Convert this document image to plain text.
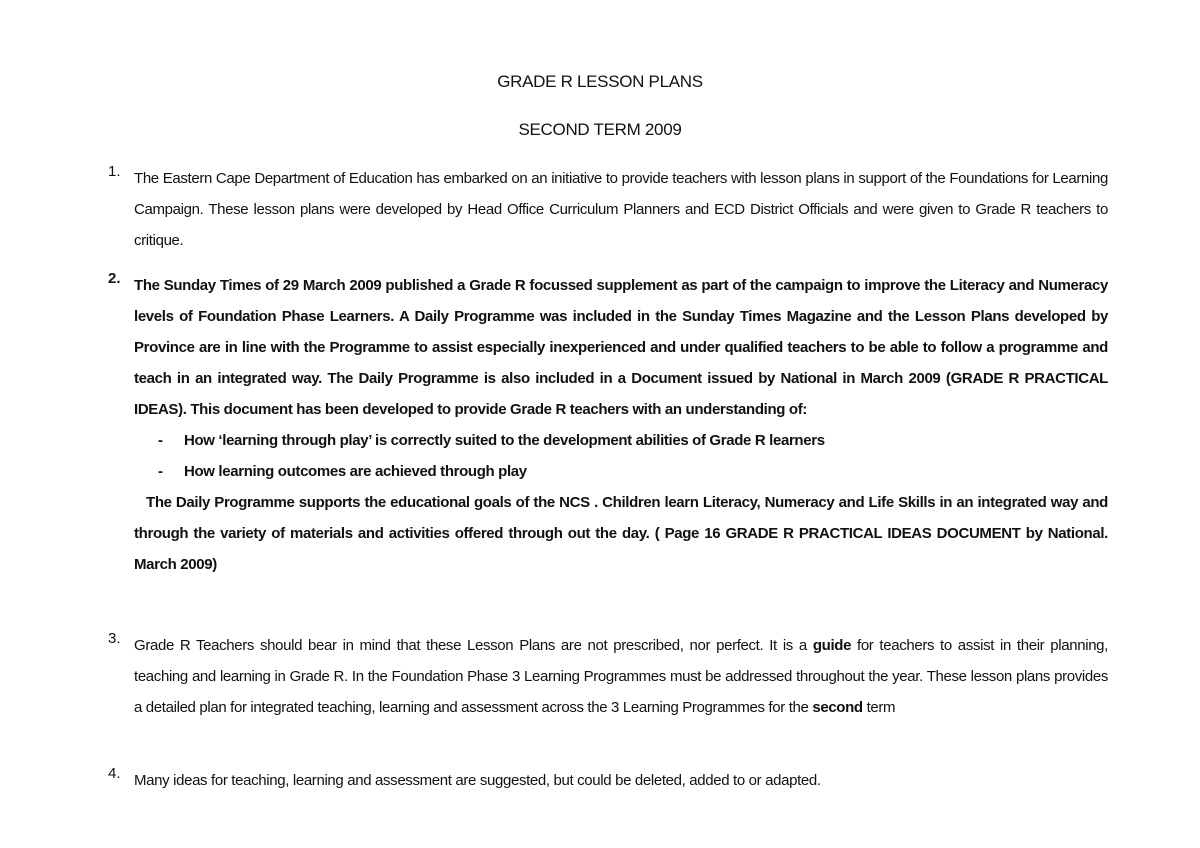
GRADE R LESSON PLANS
SECOND TERM 2009
1. The Eastern Cape Department of Education has embarked on an initiative to provide teachers with lesson plans in support of the Foundations for Learning Campaign. These lesson plans were developed by Head Office Curriculum Planners and ECD District Officials and were given to Grade R teachers to critique.
2. The Sunday Times of 29 March 2009 published a Grade R focussed supplement as part of the campaign to improve the Literacy and Numeracy levels of Foundation Phase Learners. A Daily Programme was included in the Sunday Times Magazine and the Lesson Plans developed by Province are in line with the Programme to assist especially inexperienced and under qualified teachers to be able to follow a programme and teach in an integrated way. The Daily Programme is also included in a Document issued by National in March 2009 (GRADE R PRACTICAL IDEAS). This document has been developed to provide Grade R teachers with an understanding of:
- How ‘learning through play’ is correctly suited to the development abilities of Grade R learners
- How learning outcomes are achieved through play
The Daily Programme supports the educational goals of the NCS . Children learn Literacy, Numeracy and Life Skills in an integrated way and through the variety of materials and activities offered through out the day. ( Page 16 GRADE R PRACTICAL IDEAS DOCUMENT by National. March 2009)
3. Grade R Teachers should bear in mind that these Lesson Plans are not prescribed, nor perfect. It is a guide for teachers to assist in their planning, teaching and learning in Grade R. In the Foundation Phase 3 Learning Programmes must be addressed throughout the year. These lesson plans provides a detailed plan for integrated teaching, learning and assessment across the 3 Learning Programmes for the second term
4. Many ideas for teaching, learning and assessment are suggested, but could be deleted, added to or adapted.
